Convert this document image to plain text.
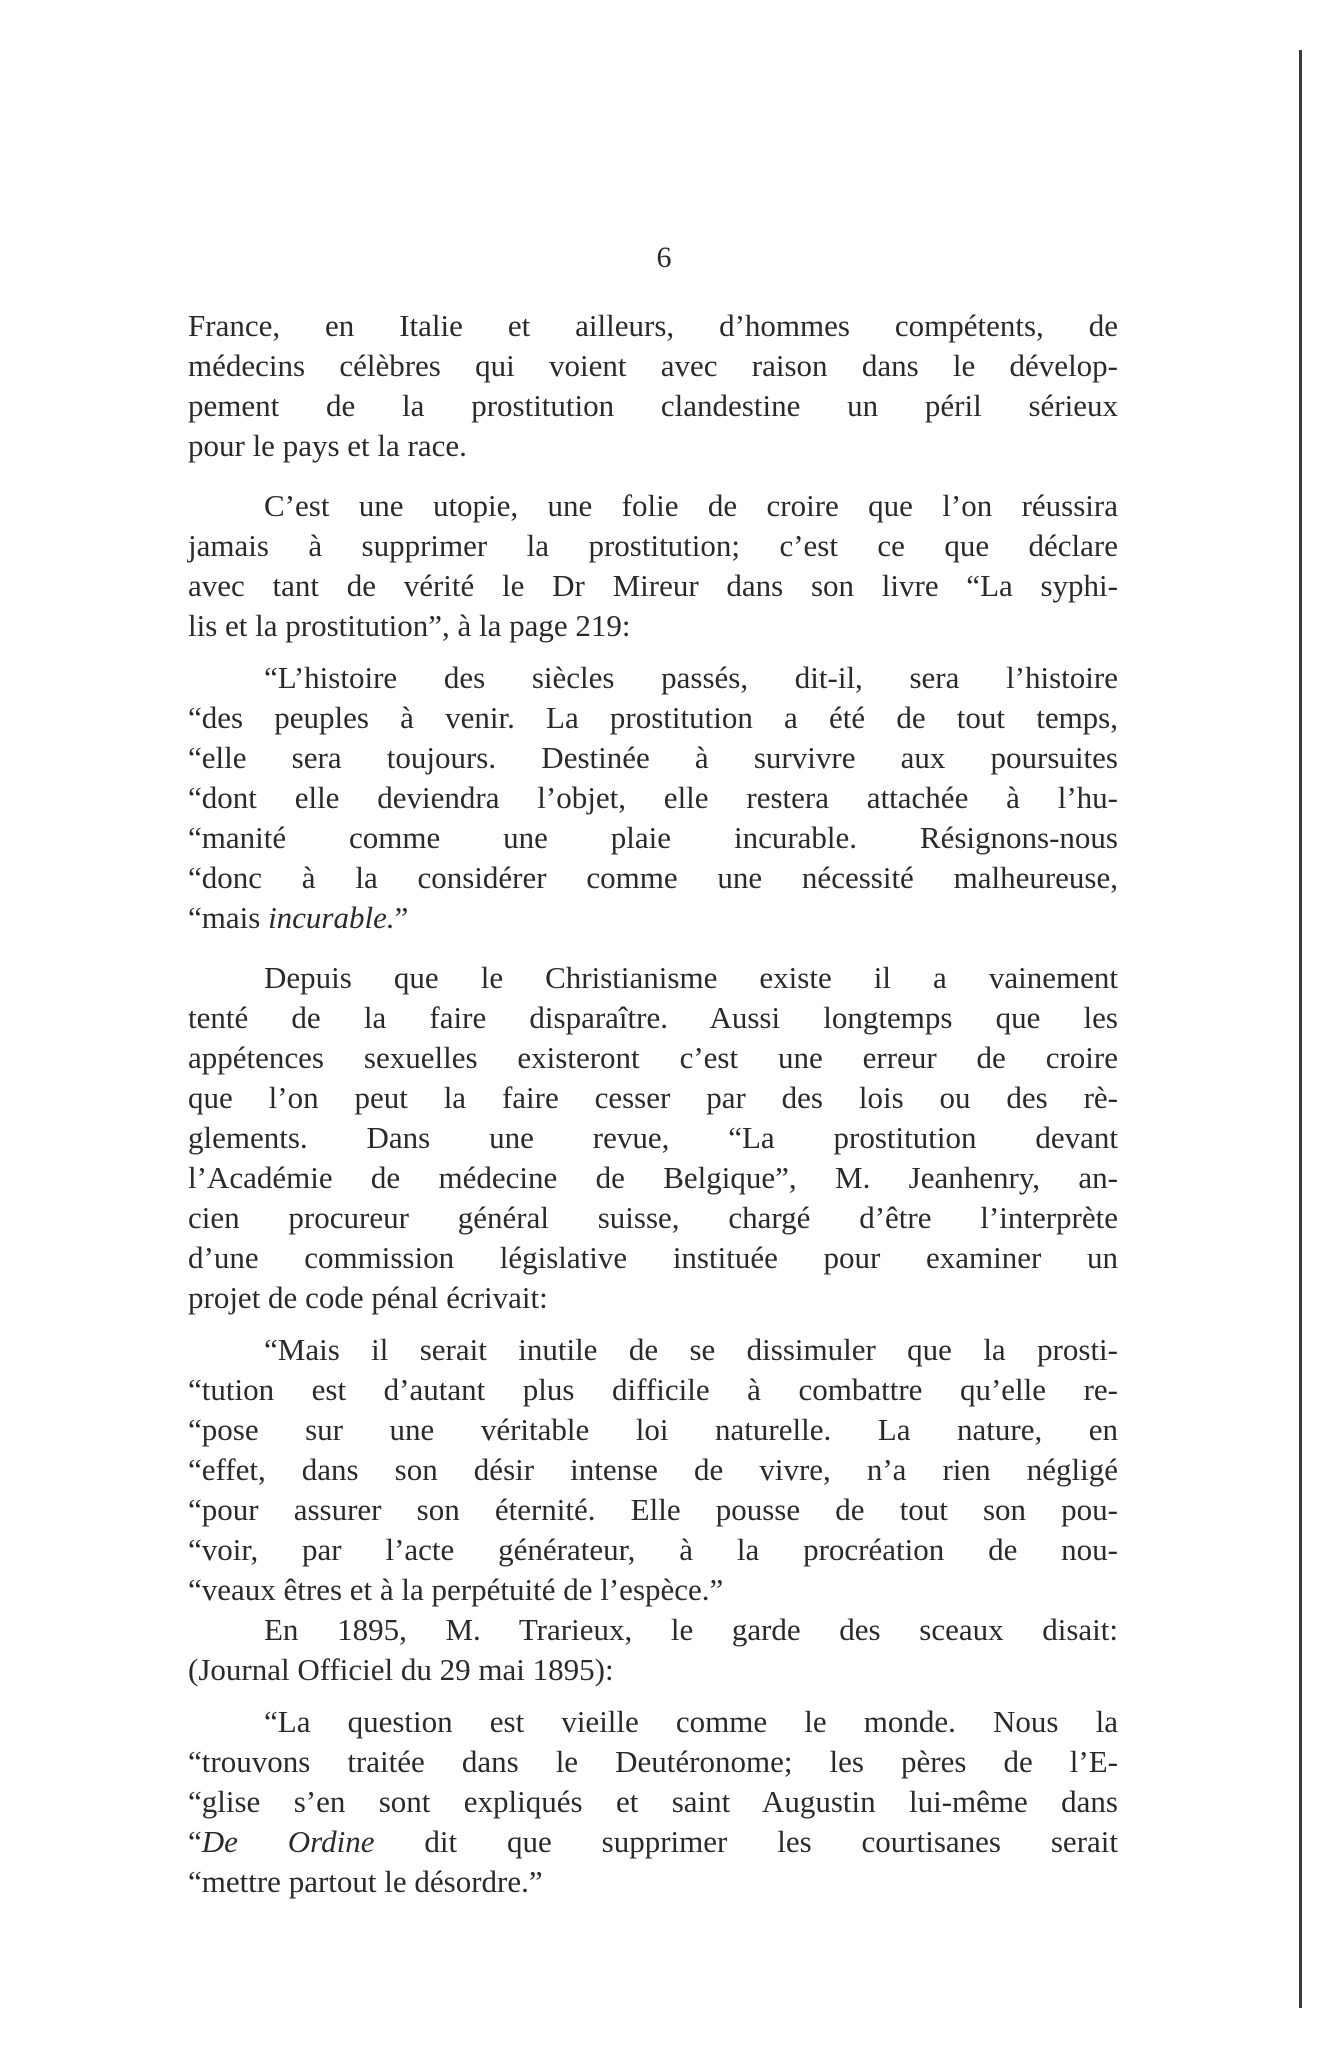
6

France, en Italie et ailleurs, d’hommes compétents, de
médecins célèbres qui voient avec raison dans le dévelop-
pement de la prostitution clandestine un péril sérieux
pour le pays et la race.

C’est une utopie, une folie de croire que l’on réussira
jamais à supprimer la prostitution; c’est ce que déclare
avec tant de vérité le Dr Mireur dans son livre “La syphi-
lis et la prostitution”, à la page 219:

“L’histoire des siècles passés, dit-il, sera l’histoire
“des peuples à venir. La prostitution a été de tout temps,
“elle sera toujours. Destinée à survivre aux poursuites
“dont elle deviendra l’objet, elle restera attachée à l’hu-
“manité comme une plaie incurable. Résignons-nous
“donc à la considérer comme une nécessité malheureuse,
“mais incurable.”

Depuis que le Christianisme existe il a vainement
tenté de la faire disparaître. Aussi longtemps que les
appétences sexuelles existeront c’est une erreur de croire
que l’on peut la faire cesser par des lois ou des rè-
glements. Dans une revue, “La prostitution devant
l’Académie de médecine de Belgique”, M. Jeanhenry, an-
cien procureur général suisse, chargé d’être l’interprète
d’une commission législative instituée pour examiner un
projet de code pénal écrivait:

“Mais il serait inutile de se dissimuler que la prosti-
“tution est d’autant plus difficile à combattre qu’elle re-
“pose sur une véritable loi naturelle. La nature, en
“effet, dans son désir intense de vivre, n’a rien négligé
“pour assurer son éternité. Elle pousse de tout son pou-
“voir, par l’acte générateur, à la procréation de nou-
“veaux êtres et à la perpétuité de l’espèce.”

En 1895, M. Trarieux, le garde des sceaux disait:
(Journal Officiel du 29 mai 1895):

“La question est vieille comme le monde. Nous la
“trouvons traitée dans le Deutéronome; les pères de l’E-
“glise s’en sont expliqués et saint Augustin lui-même dans
“De Ordine dit que supprimer les courtisanes serait
“mettre partout le désordre.”
